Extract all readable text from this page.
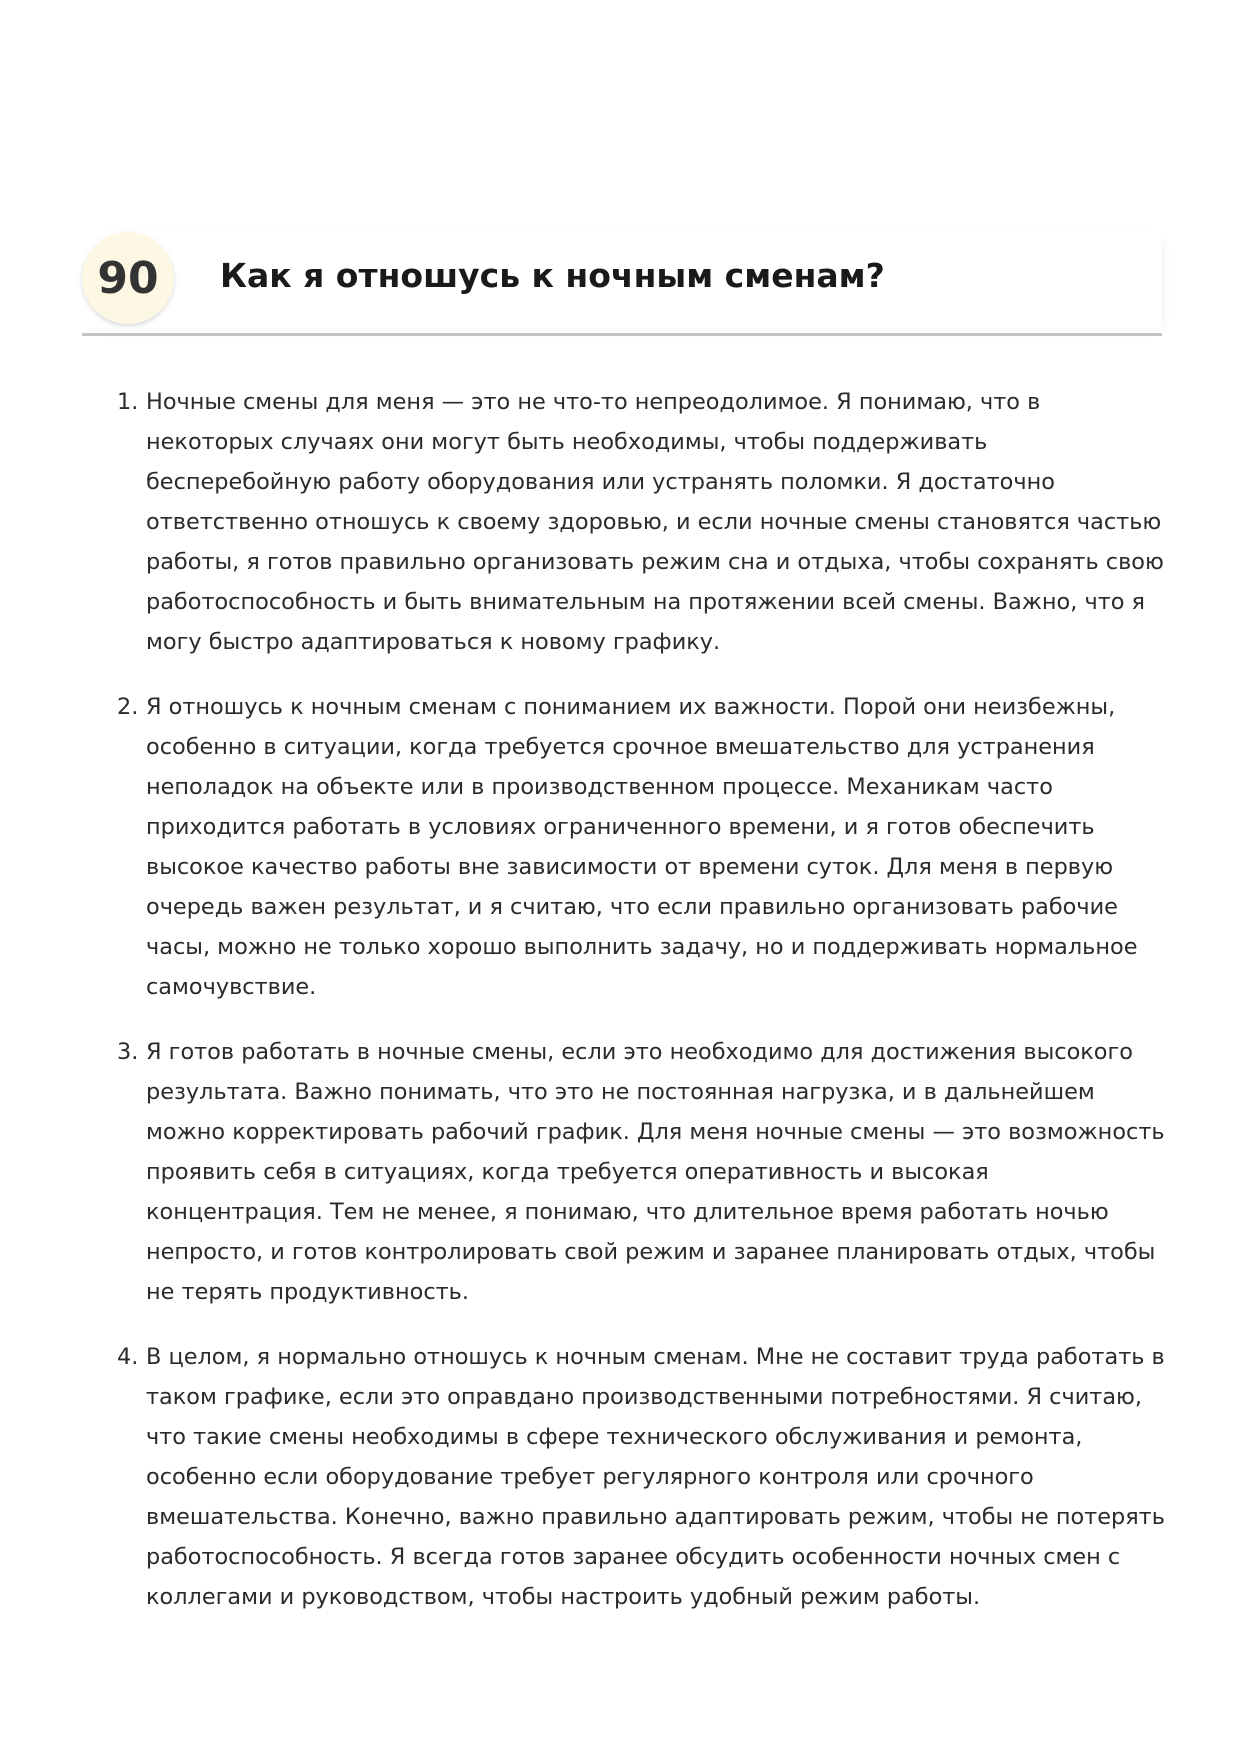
90	Как я отношусь к ночным сменам?
1. Ночные смены для меня — это не что-то непреодолимое. Я понимаю, что в некоторых случаях они могут быть необходимы, чтобы поддерживать бесперебойную работу оборудования или устранять поломки. Я достаточно ответственно отношусь к своему здоровью, и если ночные смены становятся частью работы, я готов правильно организовать режим сна и отдыха, чтобы сохранять свою работоспособность и быть внимательным на протяжении всей смены. Важно, что я могу быстро адаптироваться к новому графику.
2. Я отношусь к ночным сменам с пониманием их важности. Порой они неизбежны, особенно в ситуации, когда требуется срочное вмешательство для устранения неполадок на объекте или в производственном процессе. Механикам часто приходится работать в условиях ограниченного времени, и я готов обеспечить высокое качество работы вне зависимости от времени суток. Для меня в первую очередь важен результат, и я считаю, что если правильно организовать рабочие часы, можно не только хорошо выполнить задачу, но и поддерживать нормальное самочувствие.
3. Я готов работать в ночные смены, если это необходимо для достижения высокого результата. Важно понимать, что это не постоянная нагрузка, и в дальнейшем можно корректировать рабочий график. Для меня ночные смены — это возможность проявить себя в ситуациях, когда требуется оперативность и высокая концентрация. Тем не менее, я понимаю, что длительное время работать ночью непросто, и готов контролировать свой режим и заранее планировать отдых, чтобы не терять продуктивность.
4. В целом, я нормально отношусь к ночным сменам. Мне не составит труда работать в таком графике, если это оправдано производственными потребностями. Я считаю, что такие смены необходимы в сфере технического обслуживания и ремонта, особенно если оборудование требует регулярного контроля или срочного вмешательства. Конечно, важно правильно адаптировать режим, чтобы не потерять работоспособность. Я всегда готов заранее обсудить особенности ночных смен с коллегами и руководством, чтобы настроить удобный режим работы.
